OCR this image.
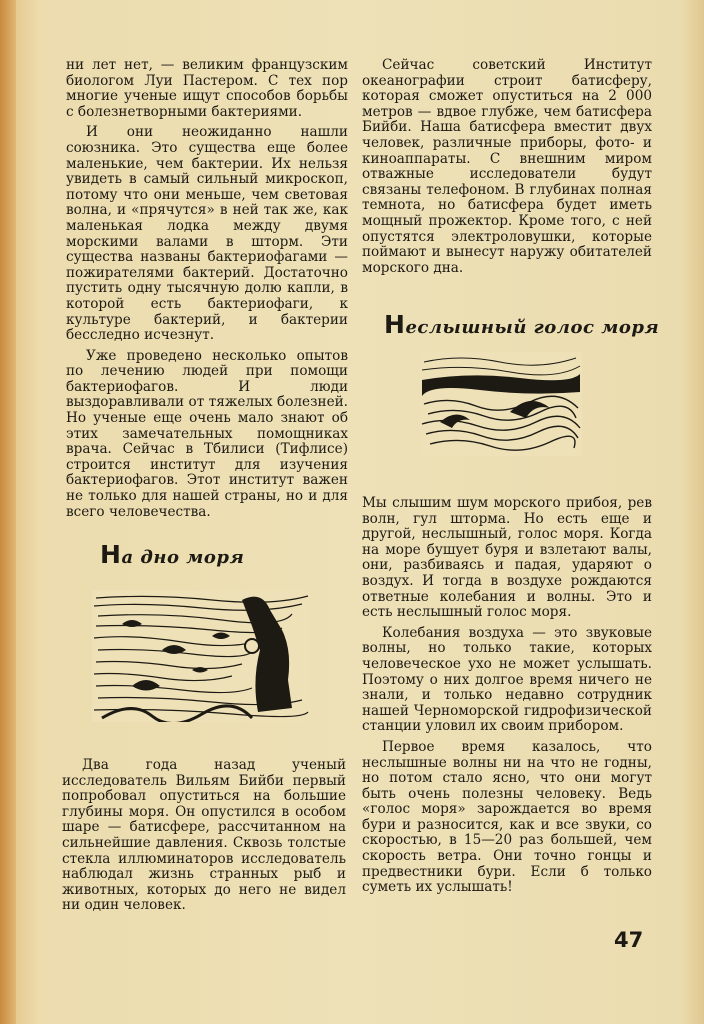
ни лет нет, — великим французским биологом Луи Пастером. С тех пор многие ученые ищут способов борьбы с болезнетворными бактериями.

И они неожиданно нашли союзника. Это существа еще более маленькие, чем бактерии. Их нельзя увидеть в самый сильный микроскоп, потому что они меньше, чем световая волна, и «прячутся» в ней так же, как маленькая лодка между двумя морскими валами в шторм. Эти существа названы бактериофагами — пожирателями бактерий. Достаточно пустить одну тысячную долю капли, в которой есть бактериофаги, к культуре бактерий, и бактерии бесследно исчезнут.

Уже проведено несколько опытов по лечению людей при помощи бактериофагов. И люди выздоравливали от тяжелых болезней. Но ученые еще очень мало знают об этих замечательных помощниках врача. Сейчас в Тбилиси (Тифлисе) строится институт для изучения бактериофагов. Этот институт важен не только для нашей страны, но и для всего человечества.

На дно моря

Два года назад ученый исследователь Вильям Бийби первый попробовал опуститься на большие глубины моря. Он опустился в особом шаре — батисфере, рассчитанном на сильнейшие давления. Сквозь толстые стекла иллюминаторов исследователь наблюдал жизнь странных рыб и животных, которых до него не видел ни один человек.

Сейчас советский Институт океанографии строит батисферу, которая сможет опуститься на 2 000 метров — вдвое глубже, чем батисфера Бийби. Наша батисфера вместит двух человек, различные приборы, фото- и киноаппараты. С внешним миром отважные исследователи будут связаны телефоном. В глубинах полная темнота, но батисфера будет иметь мощный прожектор. Кроме того, с ней опустятся электроловушки, которые поймают и вынесут наружу обитателей морского дна.

Неслышный голос моря

Мы слышим шум морского прибоя, рев волн, гул шторма. Но есть еще и другой, неслышный, голос моря. Когда на море бушует буря и взлетают валы, они, разбиваясь и падая, ударяют о воздух. И тогда в воздухе рождаются ответные колебания и волны. Это и есть неслышный голос моря.

Колебания воздуха — это звуковые волны, но только такие, которых человеческое ухо не может услышать. Поэтому о них долгое время ничего не знали, и только недавно сотрудник нашей Черноморской гидрофизической станции уловил их своим прибором.

Первое время казалось, что неслышные волны ни на что не годны, но потом стало ясно, что они могут быть очень полезны человеку. Ведь «голос моря» зарождается во время бури и разносится, как и все звуки, со скоростью, в 15—20 раз большей, чем скорость ветра. Они точно гонцы и предвестники бури. Если б только суметь их услышать!

47
